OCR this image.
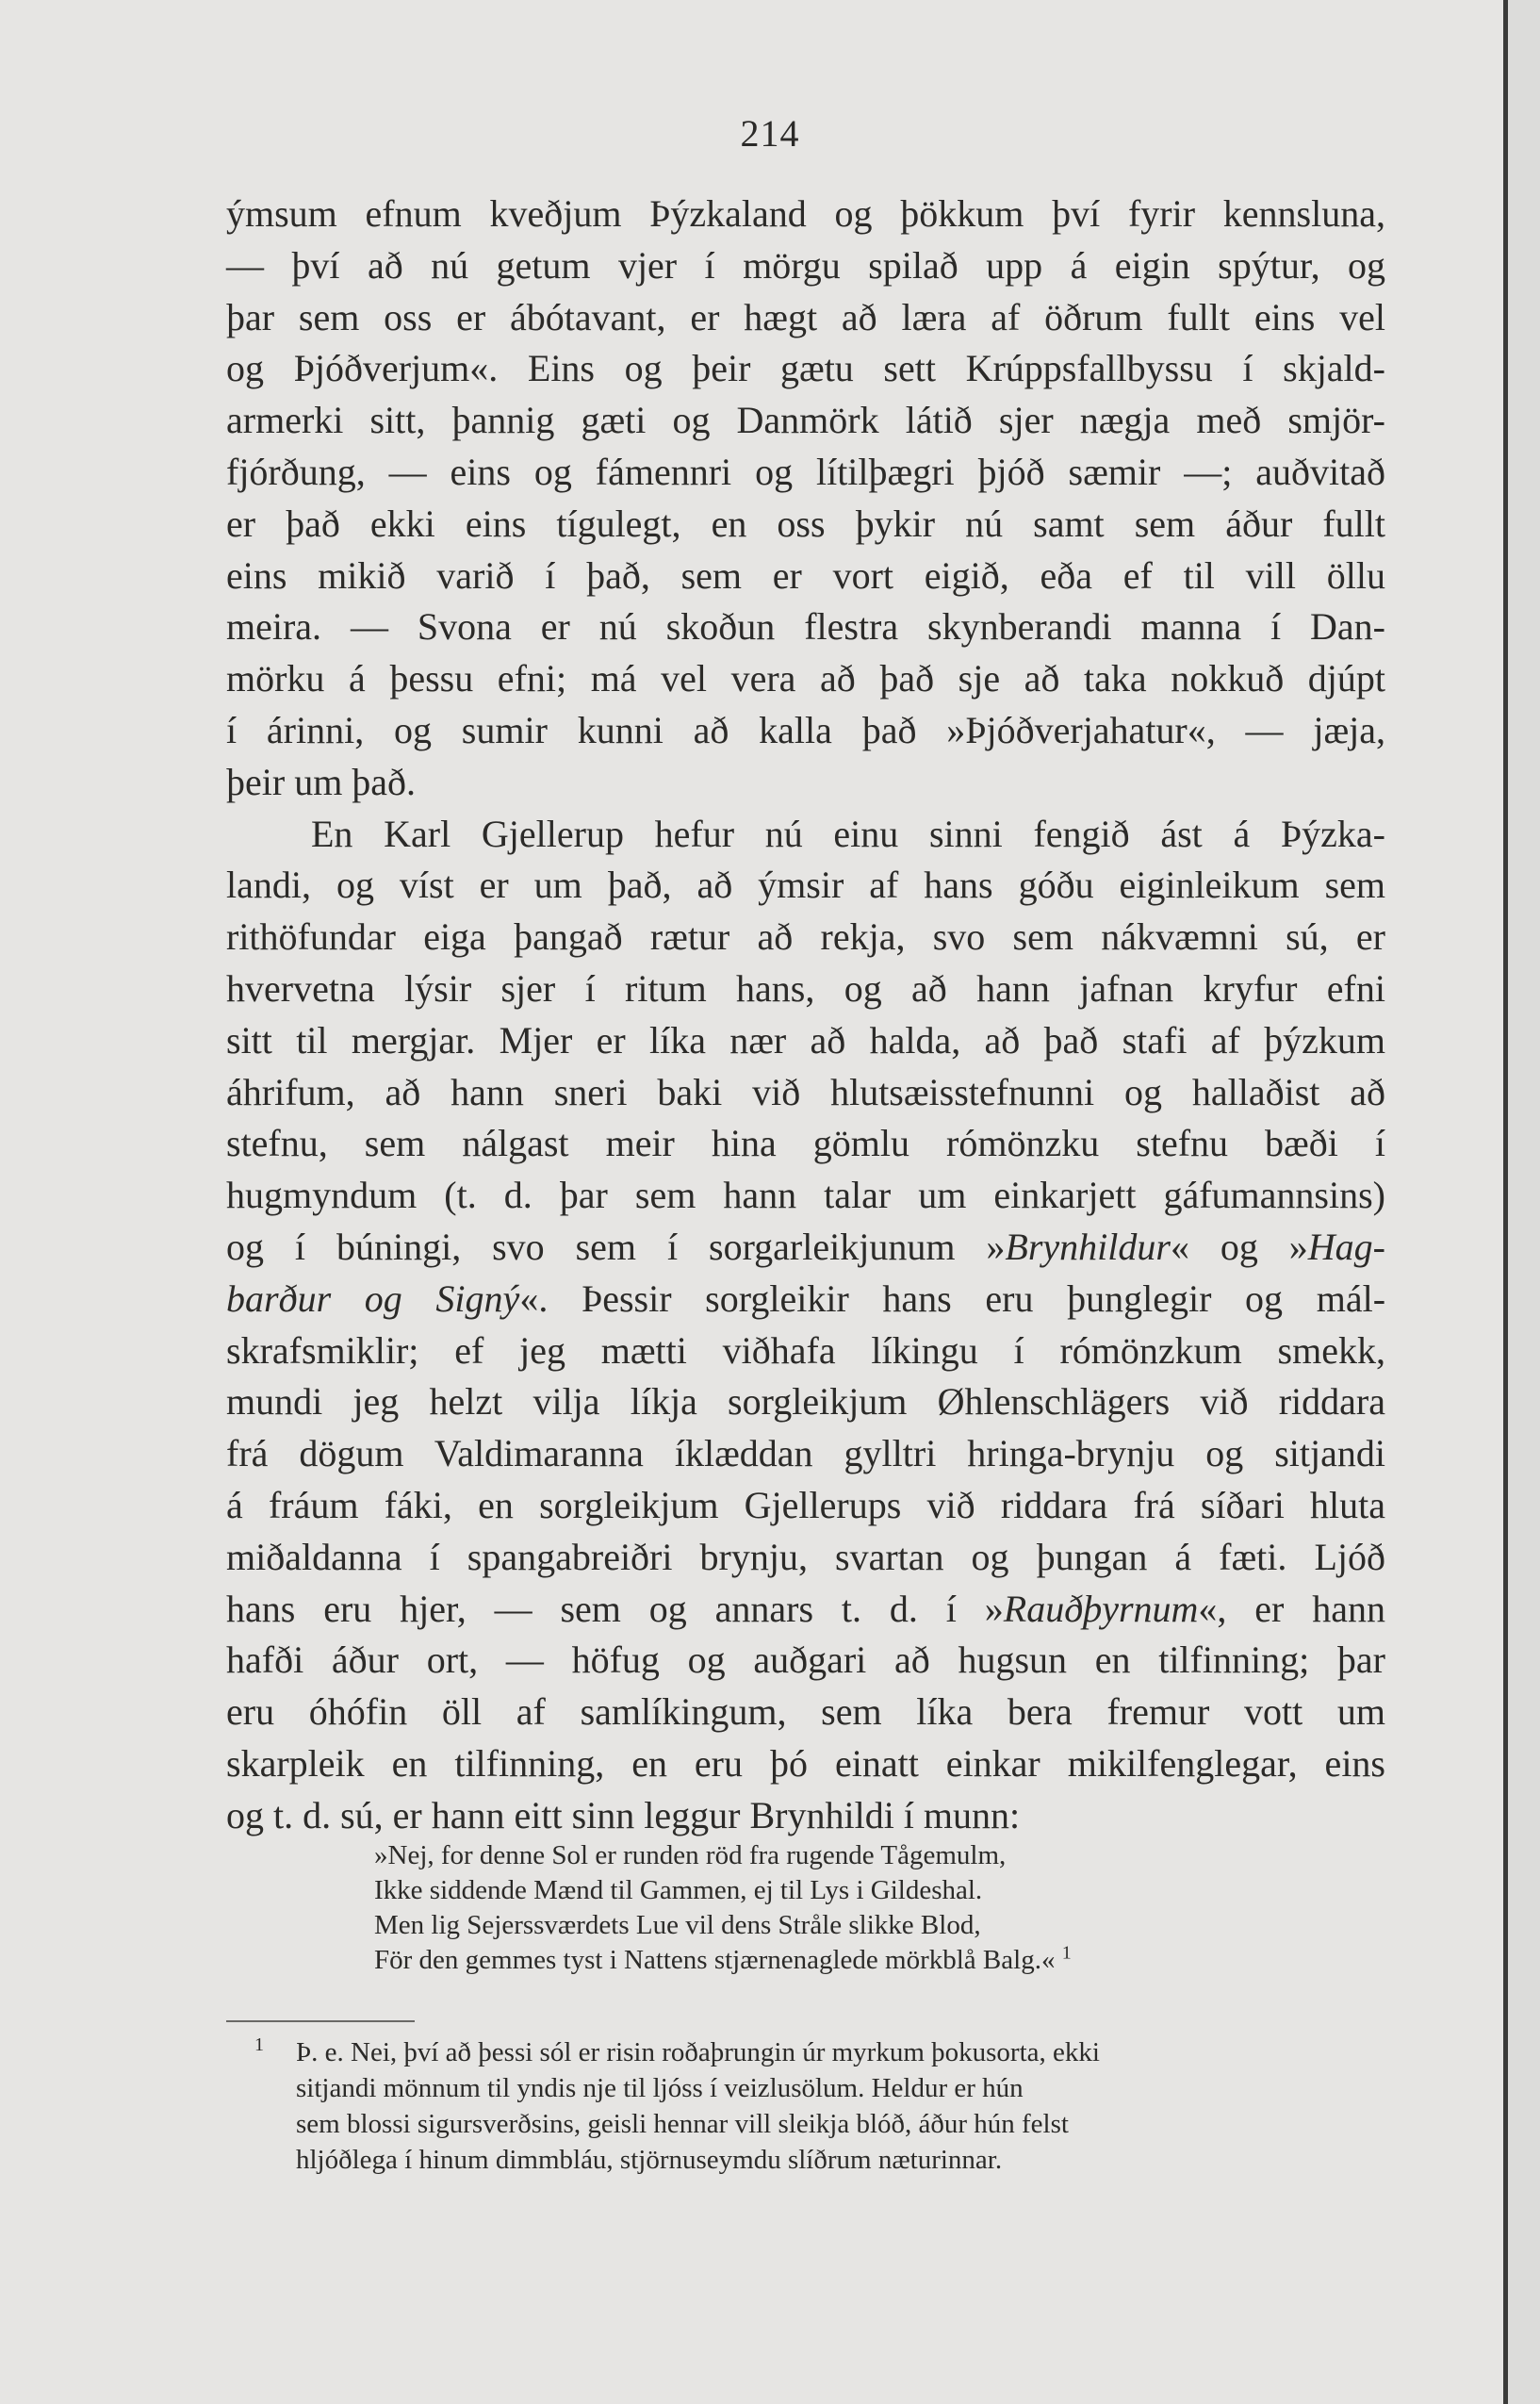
214
ýmsum efnum kveðjum Þýzkaland og þökkum því fyrir kennsluna,
— því að nú getum vjer í mörgu spilað upp á eigin spýtur, og
þar sem oss er ábótavant, er hægt að læra af öðrum fullt eins vel
og Þjóðverjum«. Eins og þeir gætu sett Krúppsfallbyssu í skjald-
armerki sitt, þannig gæti og Danmörk látið sjer nægja með smjör-
fjórðung, — eins og fámennri og lítilþægri þjóð sæmir —; auðvitað
er það ekki eins tígulegt, en oss þykir nú samt sem áður fullt
eins mikið varið í það, sem er vort eigið, eða ef til vill öllu
meira. — Svona er nú skoðun flestra skynberandi manna í Dan-
mörku á þessu efni; má vel vera að það sje að taka nokkuð djúpt
í árinni, og sumir kunni að kalla það »Þjóðverjahatur«, — jæja,
þeir um það.
En Karl Gjellerup hefur nú einu sinni fengið ást á Þýzka-
landi, og víst er um það, að ýmsir af hans góðu eiginleikum sem
rithöfundar eiga þangað rætur að rekja, svo sem nákvæmni sú, er
hvervetna lýsir sjer í ritum hans, og að hann jafnan kryfur efni
sitt til mergjar. Mjer er líka nær að halda, að það stafi af þýzkum
áhrifum, að hann sneri baki við hlutsæisstefnunni og hallaðist að
stefnu, sem nálgast meir hina gömlu rómönzku stefnu bæði í
hugmyndum (t. d. þar sem hann talar um einkarjett gáfumannsins)
og í búningi, svo sem í sorgarleikjunum »Brynhildur« og »Hag-
barður og Signý«. Þessir sorgleikir hans eru þunglegir og mál-
skrafsmiklir; ef jeg mætti viðhafa líkingu í rómönzkum smekk,
mundi jeg helzt vilja líkja sorgleikjum Øhlenschlägers við riddara
frá dögum Valdimaranna íklæddan gylltri hringa-brynju og sitjandi
á fráum fáki, en sorgleikjum Gjellerups við riddara frá síðari hluta
miðaldanna í spangabreiðri brynju, svartan og þungan á fæti. Ljóð
hans eru hjer, — sem og annars t. d. í »Rauðþyrnum«, er hann
hafði áður ort, — höfug og auðgari að hugsun en tilfinning; þar
eru óhófin öll af samlíkingum, sem líka bera fremur vott um
skarpleik en tilfinning, en eru þó einatt einkar mikilfenglegar, eins
og t. d. sú, er hann eitt sinn leggur Brynhildi í munn:
»Nej, for denne Sol er runden röd fra rugende Tågemulm,
Ikke siddende Mænd til Gammen, ej til Lys i Gildeshal.
Men lig Sejerssværdets Lue vil dens Stråle slikke Blod,
För den gemmes tyst i Nattens stjærnenaglede mörkblå Balg.« $^1$
1 Þ. e. Nei, því að þessi sól er risin roðaþrungin úr myrkum þokusorta, ekki
sitjandi mönnum til yndis nje til ljóss í veizlusölum. Heldur er hún
sem blossi sigursverðsins, geisli hennar vill sleikja blóð, áður hún felst
hljóðlega í hinum dimmbláu, stjörnuseymdu slíðrum næturinnar.
